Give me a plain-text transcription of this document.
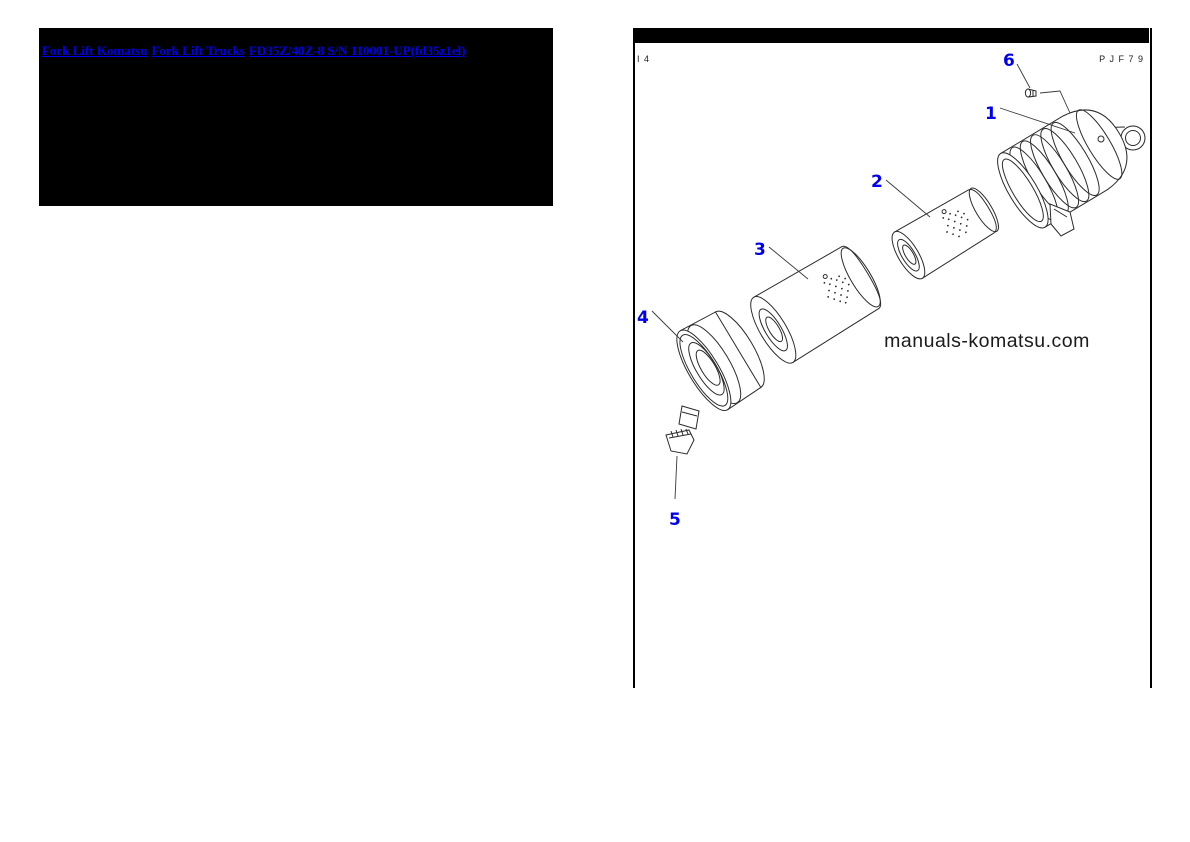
Fork Lift Komatsu Fork Lift Trucks FD35Z/40Z-8 S/N 110001-UP(fd35z1el)
I 4	P J F 7 9
1
2
3
4
5
6
manuals-komatsu.com
